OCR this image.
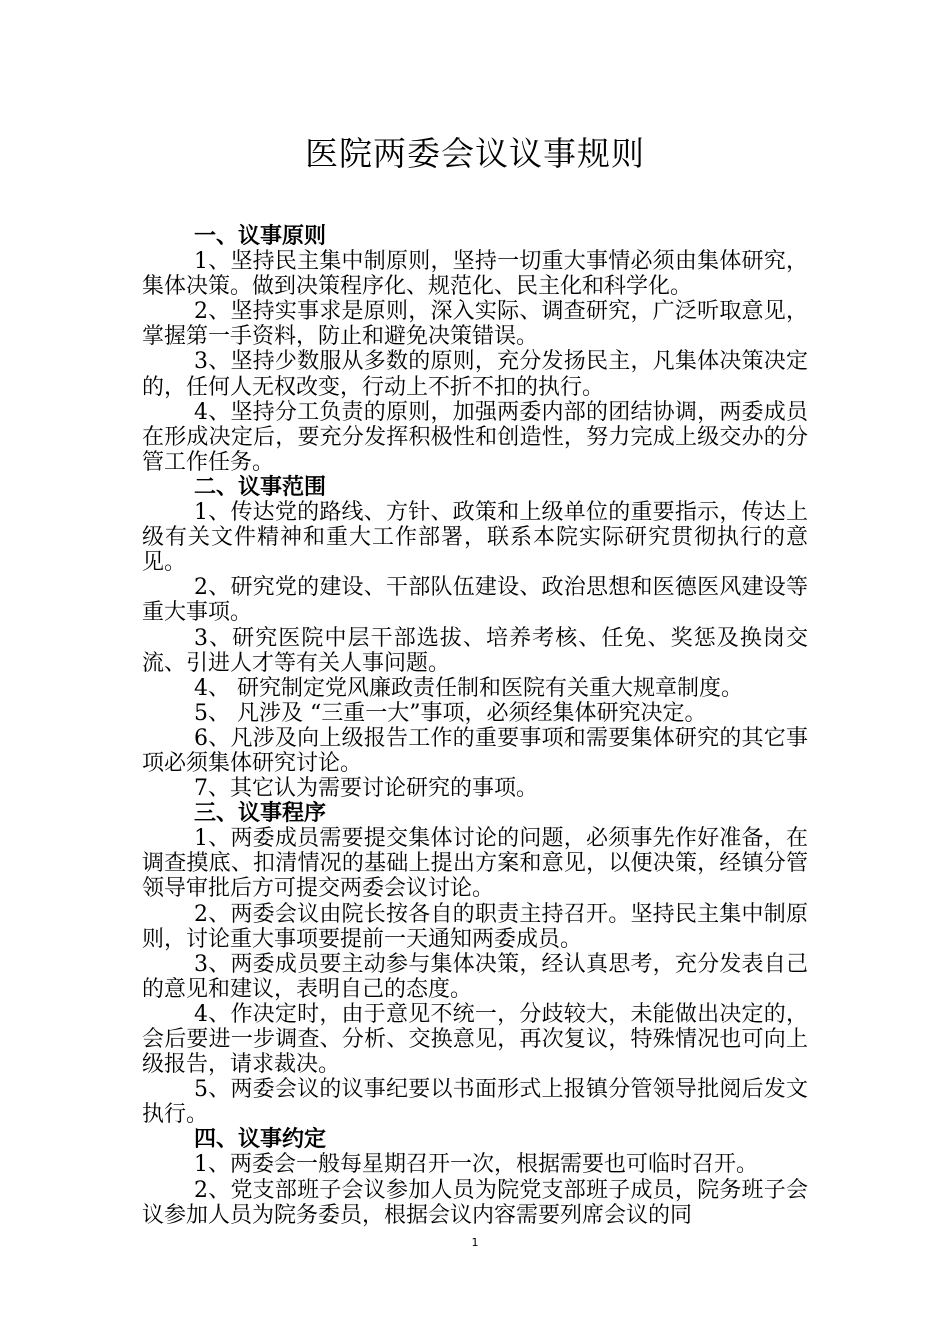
医院两委会议议事规则

一、议事原则

1、坚持民主集中制原则，坚持一切重大事情必须由集体研究，集体决策。做到决策程序化、规范化、民主化和科学化。

2、坚持实事求是原则，深入实际、调查研究，广泛听取意见，掌握第一手资料，防止和避免决策错误。

3、坚持少数服从多数的原则，充分发扬民主，凡集体决策决定的，任何人无权改变，行动上不折不扣的执行。

4、坚持分工负责的原则，加强两委内部的团结协调，两委成员在形成决定后，要充分发挥积极性和创造性，努力完成上级交办的分管工作任务。

二、议事范围

1、传达党的路线、方针、政策和上级单位的重要指示，传达上级有关文件精神和重大工作部署，联系本院实际研究贯彻执行的意见。

2、研究党的建设、干部队伍建设、政治思想和医德医风建设等重大事项。

3、研究医院中层干部选拔、培养考核、任免、奖惩及换岗交流、引进人才等有关人事问题。

4、 研究制定党风廉政责任制和医院有关重大规章制度。

5、 凡涉及 “三重一大”事项，必须经集体研究决定。

6、凡涉及向上级报告工作的重要事项和需要集体研究的其它事项必须集体研究讨论。

7、其它认为需要讨论研究的事项。

三、议事程序

1、两委成员需要提交集体讨论的问题，必须事先作好准备，在调查摸底、扣清情况的基础上提出方案和意见，以便决策，经镇分管领导审批后方可提交两委会议讨论。

2、两委会议由院长按各自的职责主持召开。坚持民主集中制原则，讨论重大事项要提前一天通知两委成员。

3、两委成员要主动参与集体决策，经认真思考，充分发表自己的意见和建议，表明自己的态度。

4、作决定时，由于意见不统一，分歧较大，未能做出决定的，会后要进一步调查、分析、交换意见，再次复议，特殊情况也可向上级报告，请求裁决。

5、两委会议的议事纪要以书面形式上报镇分管领导批阅后发文执行。

四、议事约定

1、两委会一般每星期召开一次，根据需要也可临时召开。

2、党支部班子会议参加人员为院党支部班子成员，院务班子会议参加人员为院务委员，根据会议内容需要列席会议的同

1
